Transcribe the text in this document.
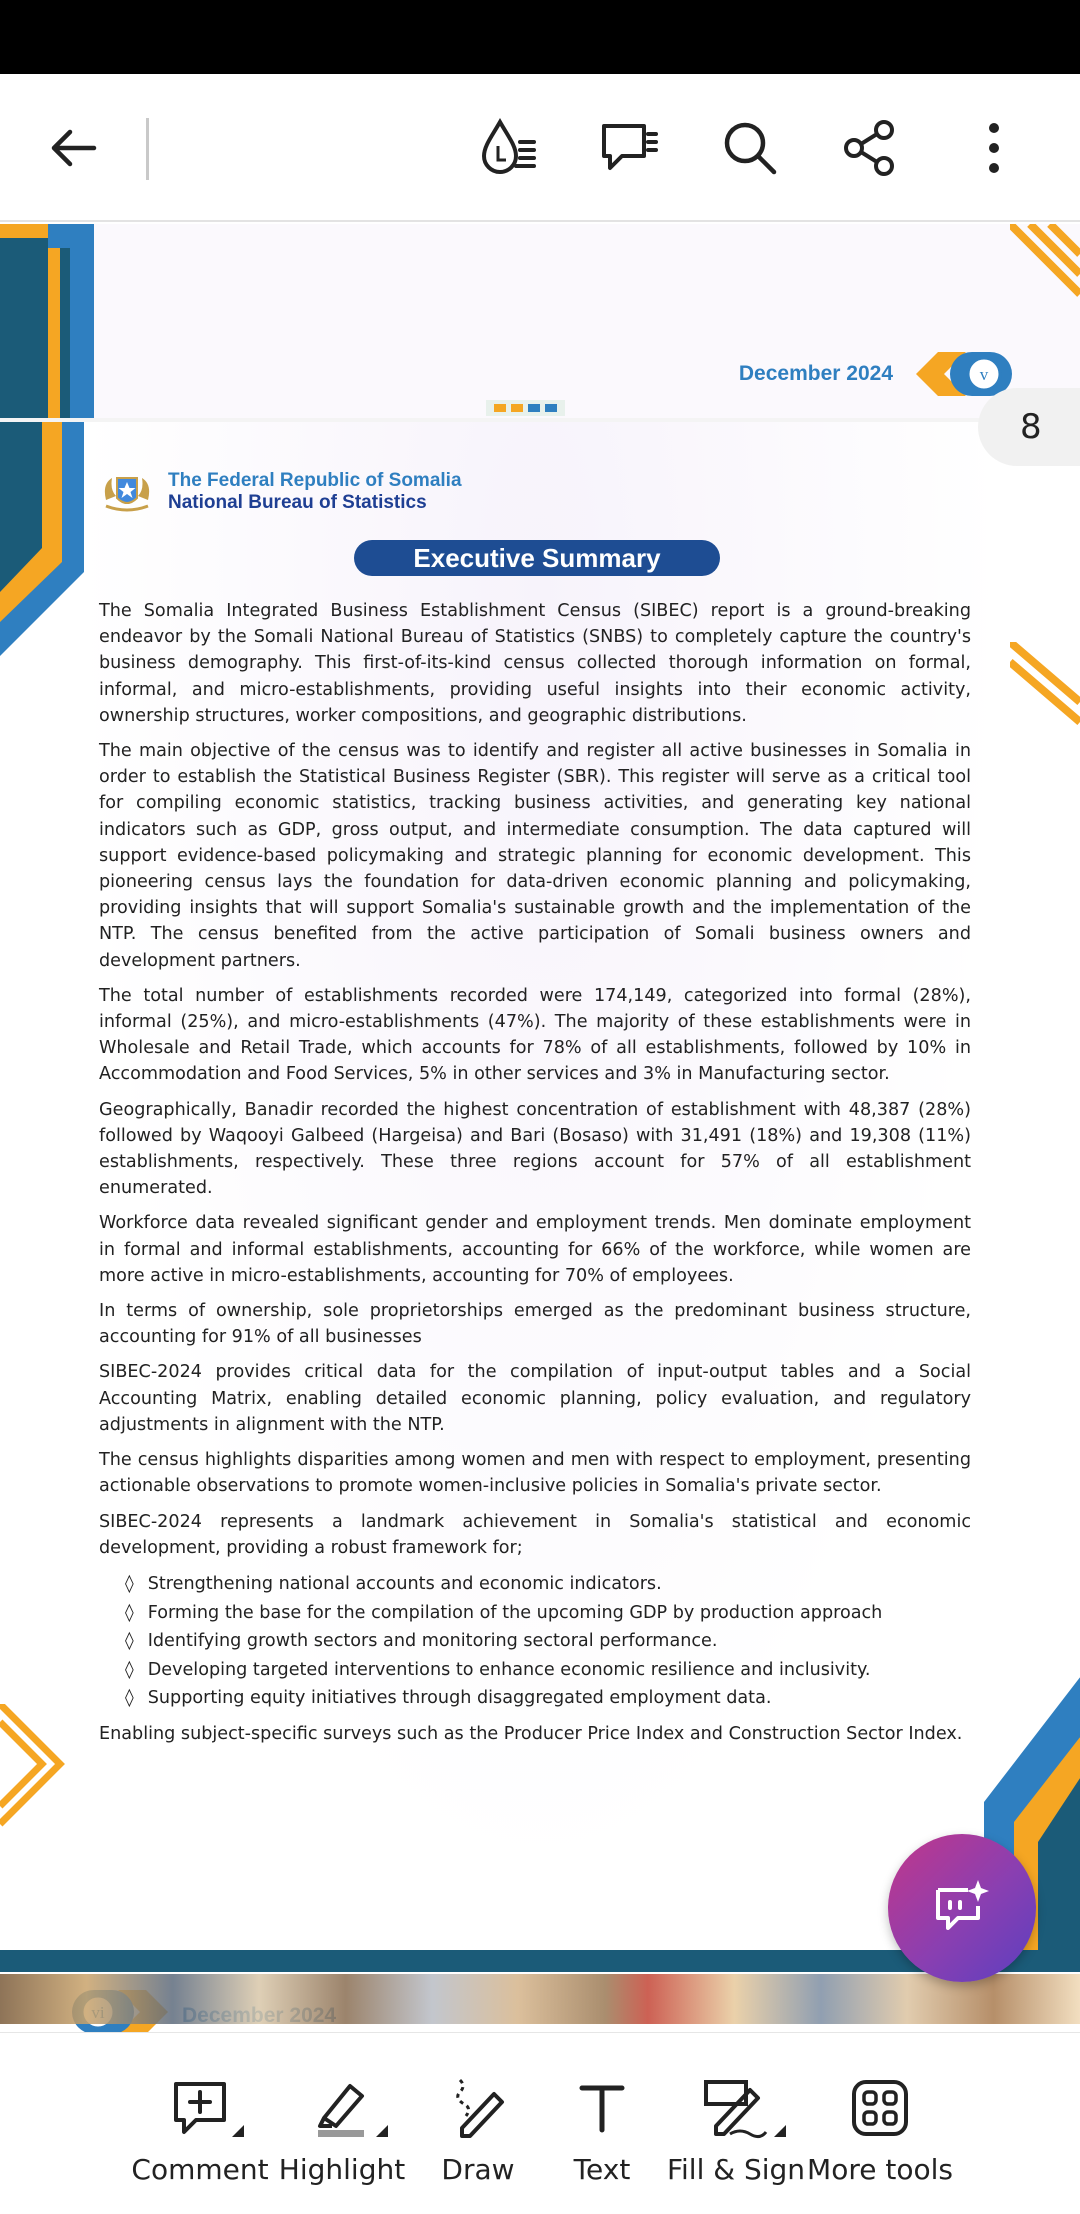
December 2024	v
The Federal Republic of Somalia
National Bureau of Statistics
Executive Summary

The Somalia Integrated Business Establishment Census (SIBEC) report is a ground-breaking endeavor by the Somali National Bureau of Statistics (SNBS) to completely capture the country's business demography. This first-of-its-kind census collected thorough information on formal, informal, and micro-establishments, providing useful insights into their economic activity, ownership structures, worker compositions, and geographic distributions.

The main objective of the census was to identify and register all active businesses in Somalia in order to establish the Statistical Business Register (SBR). This register will serve as a critical tool for compiling economic statistics, tracking business activities, and generating key national indicators such as GDP, gross output, and intermediate consumption. The data captured will support evidence-based policymaking and strategic planning for economic development. This pioneering census lays the foundation for data-driven economic planning and policymaking, providing insights that will support Somalia's sustainable growth and the implementation of the NTP. The census benefited from the active participation of Somali business owners and development partners.

The total number of establishments recorded were 174,149, categorized into formal (28%), informal (25%), and micro-establishments (47%). The majority of these establishments were in Wholesale and Retail Trade, which accounts for 78% of all establishments, followed by 10% in Accommodation and Food Services, 5% in other services and 3% in Manufacturing sector.

Geographically, Banadir recorded the highest concentration of establishment with 48,387 (28%) followed by Waqooyi Galbeed (Hargeisa) and Bari (Bosaso) with 31,491 (18%) and 19,308 (11%) establishments, respectively. These three regions account for 57% of all establishment enumerated.

Workforce data revealed significant gender and employment trends. Men dominate employment in formal and informal establishments, accounting for 66% of the workforce, while women are more active in micro-establishments, accounting for 70% of employees.

In terms of ownership, sole proprietorships emerged as the predominant business structure, accounting for 91% of all businesses

SIBEC-2024 provides critical data for the compilation of input-output tables and a Social Accounting Matrix, enabling detailed economic planning, policy evaluation, and regulatory adjustments in alignment with the NTP.

The census highlights disparities among women and men with respect to employment, presenting actionable observations to promote women-inclusive policies in Somalia's private sector.

SIBEC-2024 represents a landmark achievement in Somalia's statistical and economic development, providing a robust framework for;

◊ Strengthening national accounts and economic indicators.
◊ Forming the base for the compilation of the upcoming GDP by production approach
◊ Identifying growth sectors and monitoring sectoral performance.
◊ Developing targeted interventions to enhance economic resilience and inclusivity.
◊ Supporting equity initiatives through disaggregated employment data.

Enabling subject-specific surveys such as the Producer Price Index and Construction Sector Index.

8
Comment Highlight	Draw	Text	Fill & Sign More tools
